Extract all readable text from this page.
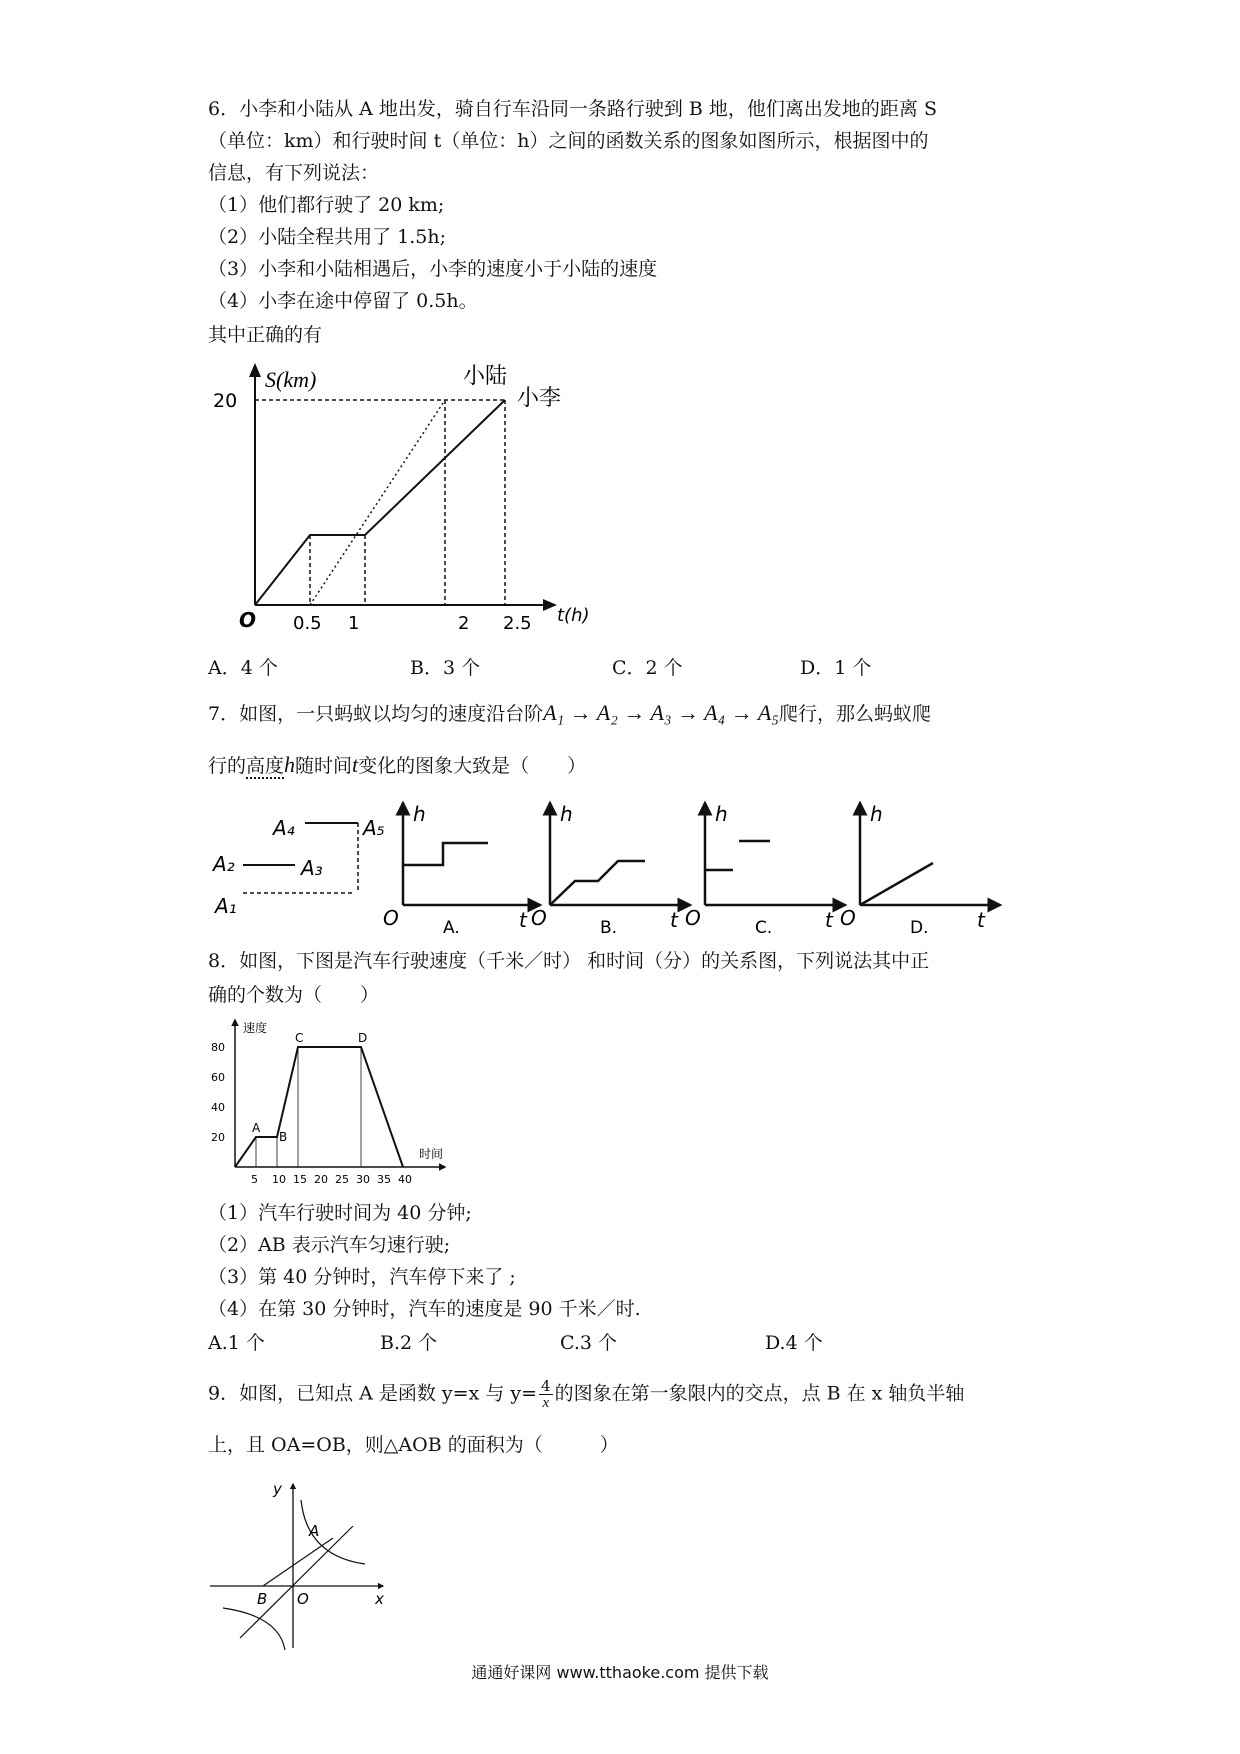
6．小李和小陆从 A 地出发，骑自行车沿同一条路行驶到 B 地，他们离出发地的距离 S
（单位：km）和行驶时间 t（单位：h）之间的函数关系的图象如图所示，根据图中的
信息，有下列说法：
（1）他们都行驶了 20 km;
（2）小陆全程共用了 1.5h;
（3）小李和小陆相遇后，小李的速度小于小陆的速度
（4）小李在途中停留了 0.5h。
其中正确的有
S(km)
t(h)
O
20
0.5 1	2 2.5
小陆
小李
A．4 个	B．3 个	C．2 个	D．1 个
7．如图，一只蚂蚁以均匀的速度沿台阶A₁ → A₂ → A₃ → A₄ → A₅爬行，那么蚂蚁爬
行的高度h随时间t变化的图象大致是（　　）
A₁
A₂	A₃
A₄	A₅
h
t
O	A.
h
t
O	B.
h
t
O	C.
h
t
O	D.
8．如图，下图是汽车行驶速度（千米／时） 和时间（分）的关系图，下列说法其中正
确的个数为（　　）
速度
时间
20
40
60
80
5 10 15 20 25 30 35 40
A
B
C	D
（1）汽车行驶时间为 40 分钟;
（2）AB 表示汽车匀速行驶;
（3）第 40 分钟时，汽车停下来了 ;
（4）在第 30 分钟时，汽车的速度是 90 千米／时.
A.1 个	B.2 个	C.3 个	D.4 个
9．如图，已知点 A 是函数 y=x 与 $y= \frac{4}{x}$ 的图象在第一象限内的交点，点 B 在 x 轴负半轴
上，且 OA=OB，则△AOB 的面积为（　　　）
y
x
A
B O
通通好课网 www.tthaoke.com 提供下载
